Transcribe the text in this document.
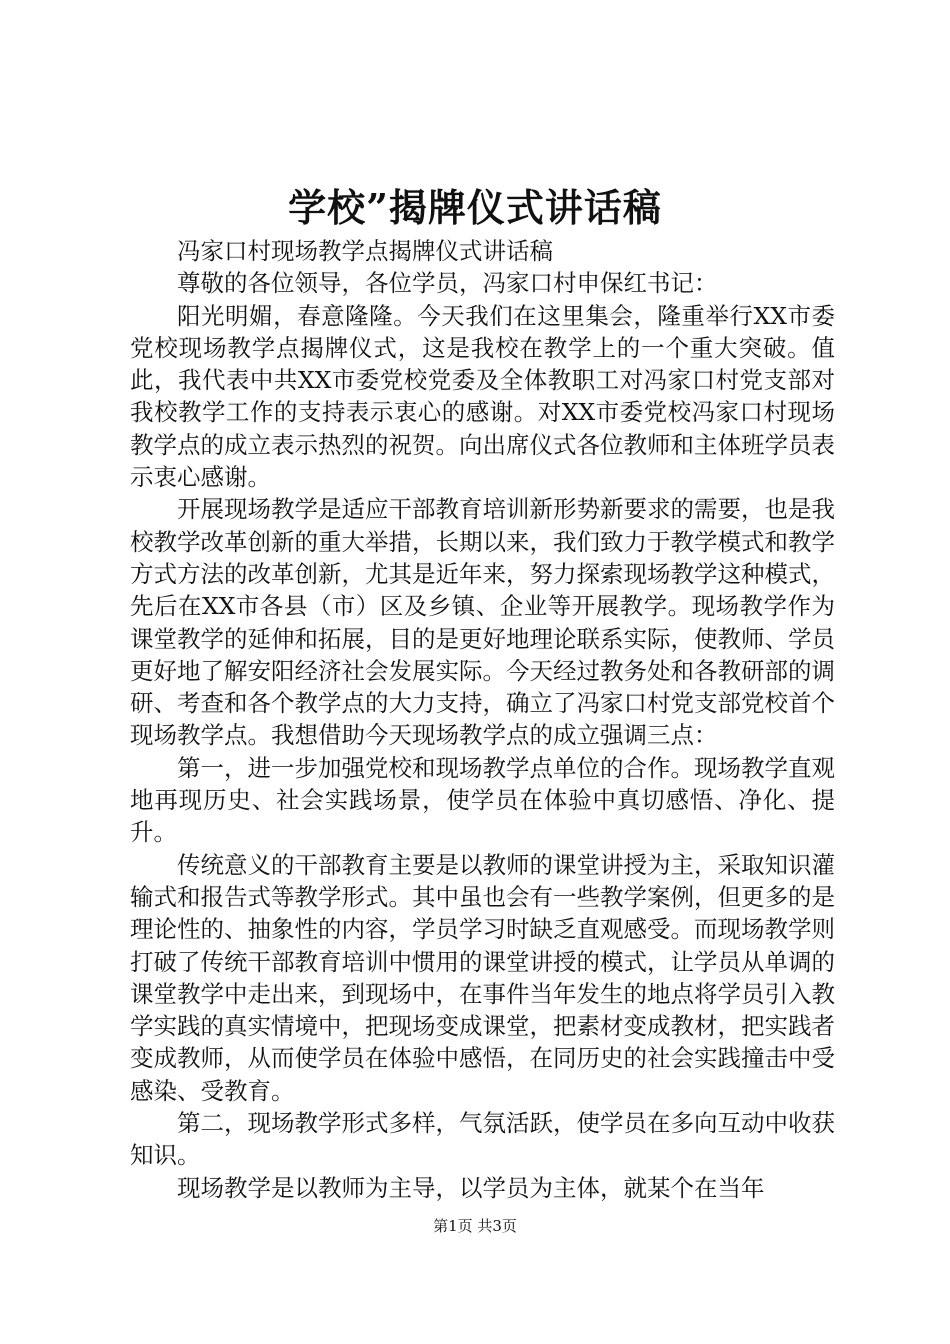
学校”揭牌仪式讲话稿

冯家口村现场教学点揭牌仪式讲话稿

尊敬的各位领导，各位学员，冯家口村申保红书记：

阳光明媚，春意隆隆。今天我们在这里集会，隆重举行XX市委党校现场教学点揭牌仪式，这是我校在教学上的一个重大突破。值此，我代表中共XX市委党校党委及全体教职工对冯家口村党支部对我校教学工作的支持表示衷心的感谢。对XX市委党校冯家口村现场教学点的成立表示热烈的祝贺。向出席仪式各位教师和主体班学员表示衷心感谢。

开展现场教学是适应干部教育培训新形势新要求的需要，也是我校教学改革创新的重大举措，长期以来，我们致力于教学模式和教学方式方法的改革创新，尤其是近年来，努力探索现场教学这种模式，先后在XX市各县（市）区及乡镇、企业等开展教学。现场教学作为课堂教学的延伸和拓展，目的是更好地理论联系实际，使教师、学员更好地了解安阳经济社会发展实际。今天经过教务处和各教研部的调研、考查和各个教学点的大力支持，确立了冯家口村党支部党校首个现场教学点。我想借助今天现场教学点的成立强调三点：

第一，进一步加强党校和现场教学点单位的合作。现场教学直观地再现历史、社会实践场景，使学员在体验中真切感悟、净化、提升。

传统意义的干部教育主要是以教师的课堂讲授为主，采取知识灌输式和报告式等教学形式。其中虽也会有一些教学案例，但更多的是理论性的、抽象性的内容，学员学习时缺乏直观感受。而现场教学则打破了传统干部教育培训中惯用的课堂讲授的模式，让学员从单调的课堂教学中走出来，到现场中，在事件当年发生的地点将学员引入教学实践的真实情境中，把现场变成课堂，把素材变成教材，把实践者变成教师，从而使学员在体验中感悟，在同历史的社会实践撞击中受感染、受教育。

第二，现场教学形式多样，气氛活跃，使学员在多向互动中收获知识。

现场教学是以教师为主导，以学员为主体，就某个在当年

第1页 共3页
